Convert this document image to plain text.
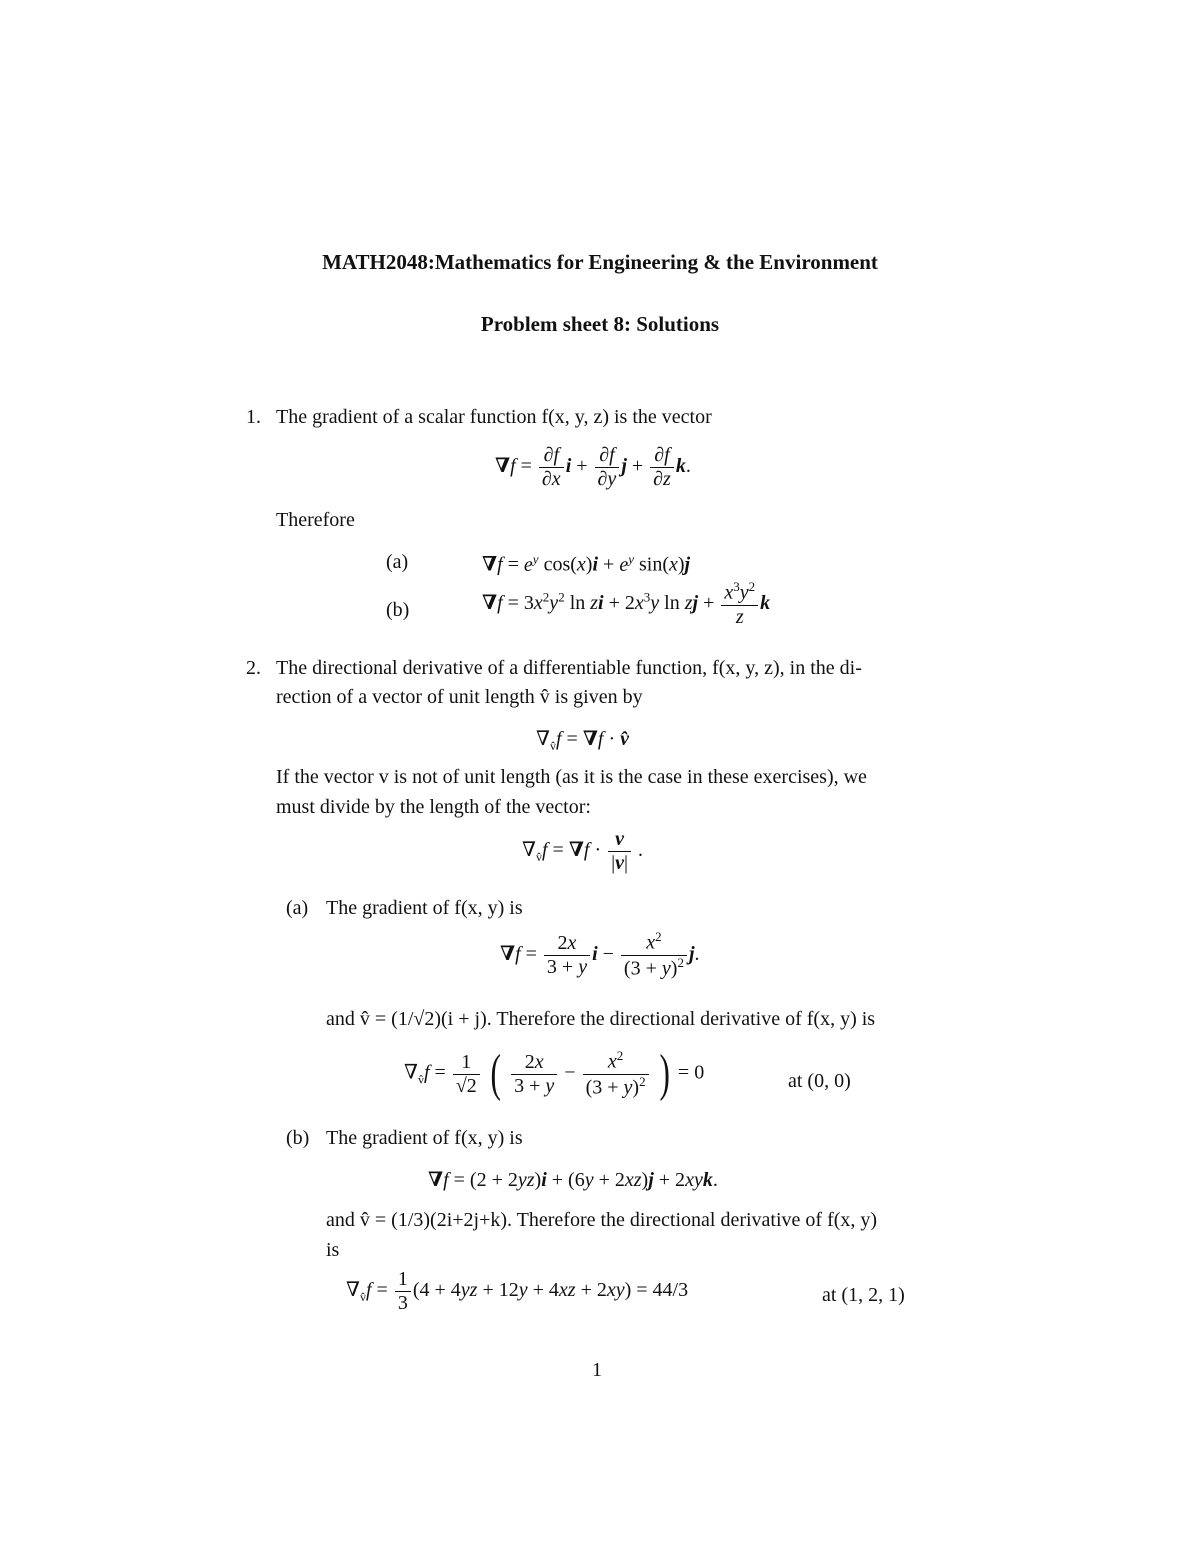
MATH2048:Mathematics for Engineering & the Environment
Problem sheet 8: Solutions
1. The gradient of a scalar function f(x, y, z) is the vector
$\nabla f = \frac{\partial f}{\partial x}$ $i + \frac{\partial f}{\partial y}$ $j + \frac{\partial f}{\partial z} k$.
Therefore
(a)	$\nabla f = e^y$ $\cos(x)i + e^y$ sin(x)j
(b)	$\nabla f = 3x^2y^2$ ln zi + $2x^3y$ ln zj + $\frac{x^3y^2}{z}$ k
2. The directional derivative of a differentiable function, f(x, y, z), in the di-
rection of a vector of unit length v̂ is given by
$\nabla_{v̂}f = \nabla f$ · v̂
If the vector v is not of unit length (as it is the case in these exercises), we
must divide by the length of the vector:
$\nabla_{v̂}f = \nabla f \cdot \frac{v}{|v|}$ .
(a) The gradient of f(x, y) is
$\nabla f = \frac{2x}{3 + y}$ $i - \frac{x^2}{(3 + y)^2} j$.
and v̂ = (1/√2)(i + j). Therefore the directional derivative of f(x, y) is
$\nabla_{v̂}f = \frac{1}{√2}$ ( $\frac{2x}{3 + y} - \frac{x^2}{(3 + y)^2}$ ) = 0	at (0, 0)
(b) The gradient of f(x, y) is
∇f = (2 + 2yz)i + (6y + 2xz)j + 2xyk.
and v̂ = (1/3)(2i+2j+k). Therefore the directional derivative of f(x, y)
is
$\nabla_{v̂}f = \frac{1}{3} (4 + 4yz + 12y + 4xz + 2xy) = 44/3$	at (1, 2, 1)
1
